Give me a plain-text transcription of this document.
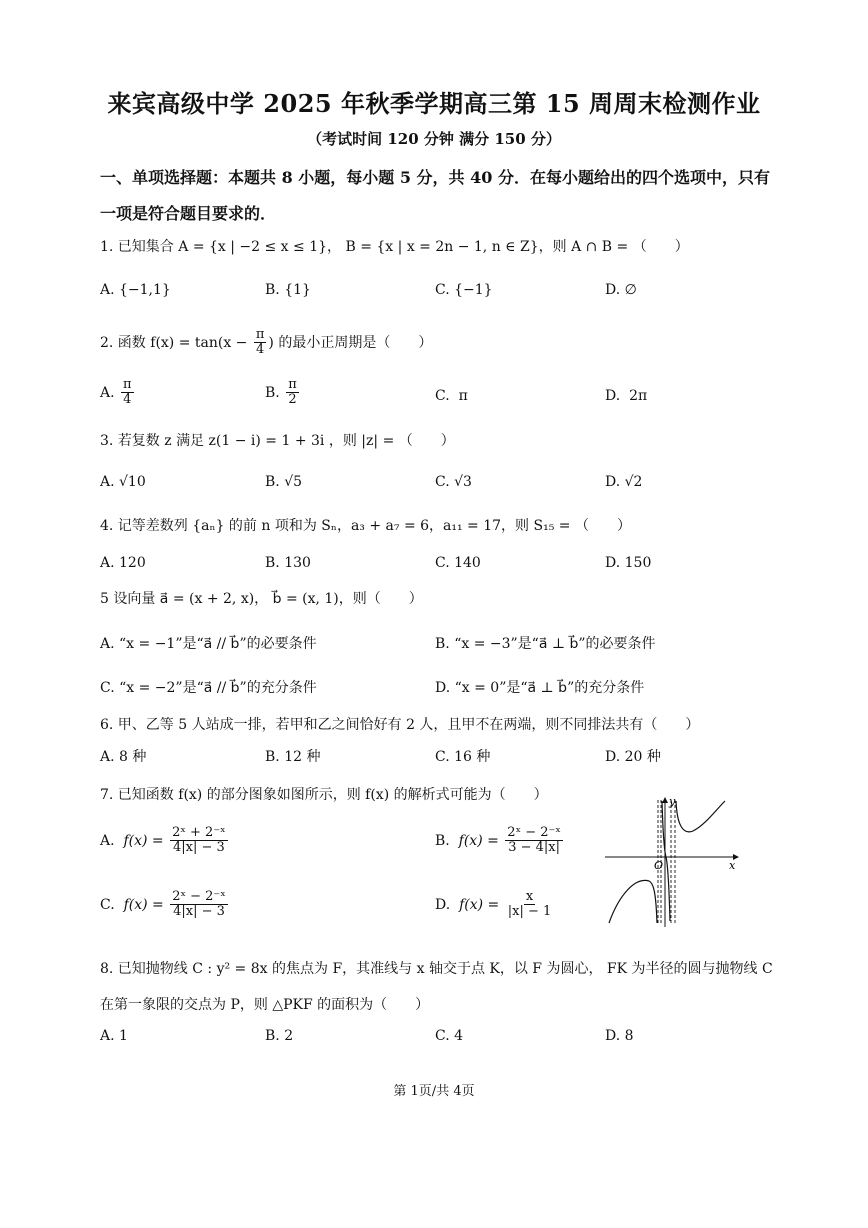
来宾高级中学 2025 年秋季学期高三第 15 周周末检测作业
（考试时间 120 分钟 满分 150 分）
一、单项选择题：本题共 8 小题，每小题 5 分，共 40 分．在每小题给出的四个选项中，只有一项是符合题目要求的．
1. 已知集合 A = {x | −2 ≤ x ≤ 1}， B = {x | x = 2n − 1, n ∈ Z}，则 A ∩ B = （　　）
A. {−1,1}	B. {1}	C. {−1}	D. ∅
2. 函数 $f(x) = \tan(x - \frac{\pi}{4}$ ) 的最小正周期是（　　）
A. $\frac{\pi}{4}$	B. $\frac{\pi}{2}$	C. π	D. 2π
3. 若复数 z 满足 z(1 − i) = 1 + 3i ，则 |z| = （　　）
A. √10	B. √5	C. √3	D. √2
4. 记等差数列 {aₙ} 的前 n 项和为 Sₙ，a₃ + a₇ = 6，a₁₁ = 17，则 S₁₅ = （　　）
A. 120	B. 130	C. 140	D. 150
5 设向量 a⃗ = (x + 2, x)， b⃗ = (x, 1)，则（　　）
A. “x = −1”是“a⃗ // b⃗”的必要条件	B. “x = −3”是“a⃗ ⊥ b⃗”的必要条件
C. “x = −2”是“a⃗ // b⃗”的充分条件	D. “x = 0”是“a⃗ ⊥ b⃗”的充分条件
6. 甲、乙等 5 人站成一排，若甲和乙之间恰好有 2 人，且甲不在两端，则不同排法共有（　　）
A. 8 种	B. 12 种	C. 16 种	D. 20 种
7. 已知函数 f(x) 的部分图象如图所示，则 f(x) 的解析式可能为（　　）
A. $f(x) = \frac{\text{2ˣ + 2⁻ˣ}}{4|x| - 3}$	B. $f(x) = \frac{\text{2ˣ − 2⁻ˣ}}{3 - 4|x|}$
C. $f(x) = \frac{\text{2ˣ − 2⁻ˣ}}{4|x| - 3}$	D. $f(x) = \frac{x}{|x| - 1}$
y
x
O
8. 已知抛物线 C : y² = 8x 的焦点为 F，其准线与 x 轴交于点 K，以 F 为圆心， FK 为半径的圆与抛物线 C
在第一象限的交点为 P，则 △PKF 的面积为（　　）
A. 1	B. 2	C. 4	D. 8
第 1页/共 4页
